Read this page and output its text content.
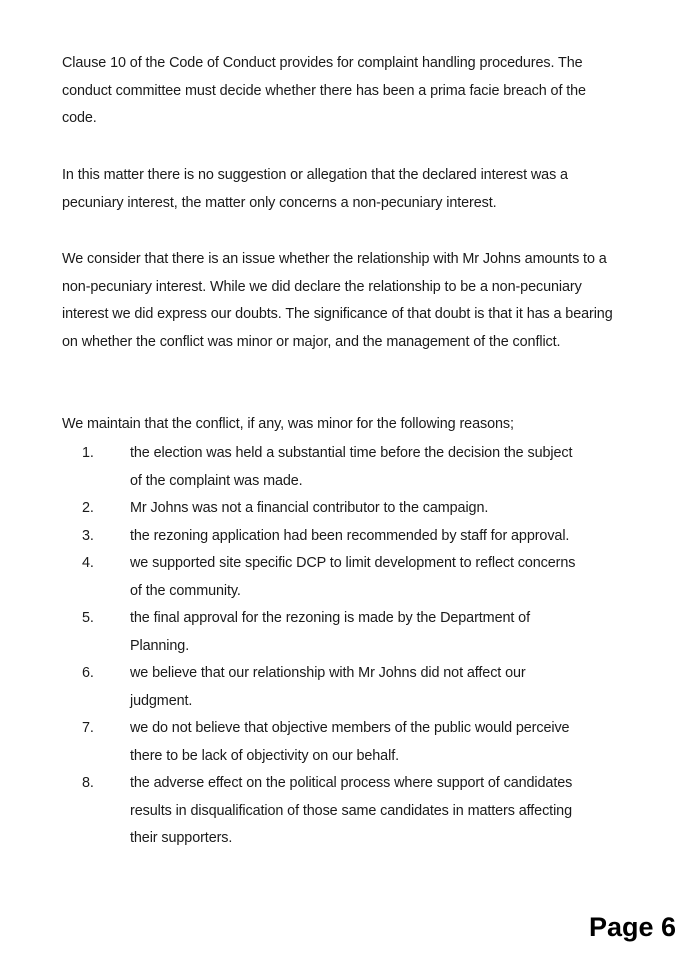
Clause 10 of the Code of Conduct provides for complaint handling procedures. The conduct committee must decide whether there has been a prima facie breach of the code.

In this matter there is no suggestion or allegation that the declared interest was a pecuniary interest, the matter only concerns a non-pecuniary interest.

We consider that there is an issue whether the relationship with Mr Johns amounts to a non-pecuniary interest. While we did declare the relationship to be a non-pecuniary interest we did express our doubts. The significance of that doubt is that it has a bearing on whether the conflict was minor or major, and the management of the conflict.

We maintain that the conflict, if any, was minor for the following reasons;

1.	the election was held a substantial time before the decision the subject of the complaint was made.
2.	Mr Johns was not a financial contributor to the campaign.
3.	the rezoning application had been recommended by staff for approval.
4.	we supported site specific DCP to limit development to reflect concerns of the community.
5.	the final approval for the rezoning is made by the Department of Planning.
6.	we believe that our relationship with Mr Johns did not affect our judgment.
7.	we do not believe that objective members of the public would perceive there to be lack of objectivity on our behalf.
8.	the adverse effect on the political process where support of candidates results in disqualification of those same candidates in matters affecting their supporters.
Page 6
